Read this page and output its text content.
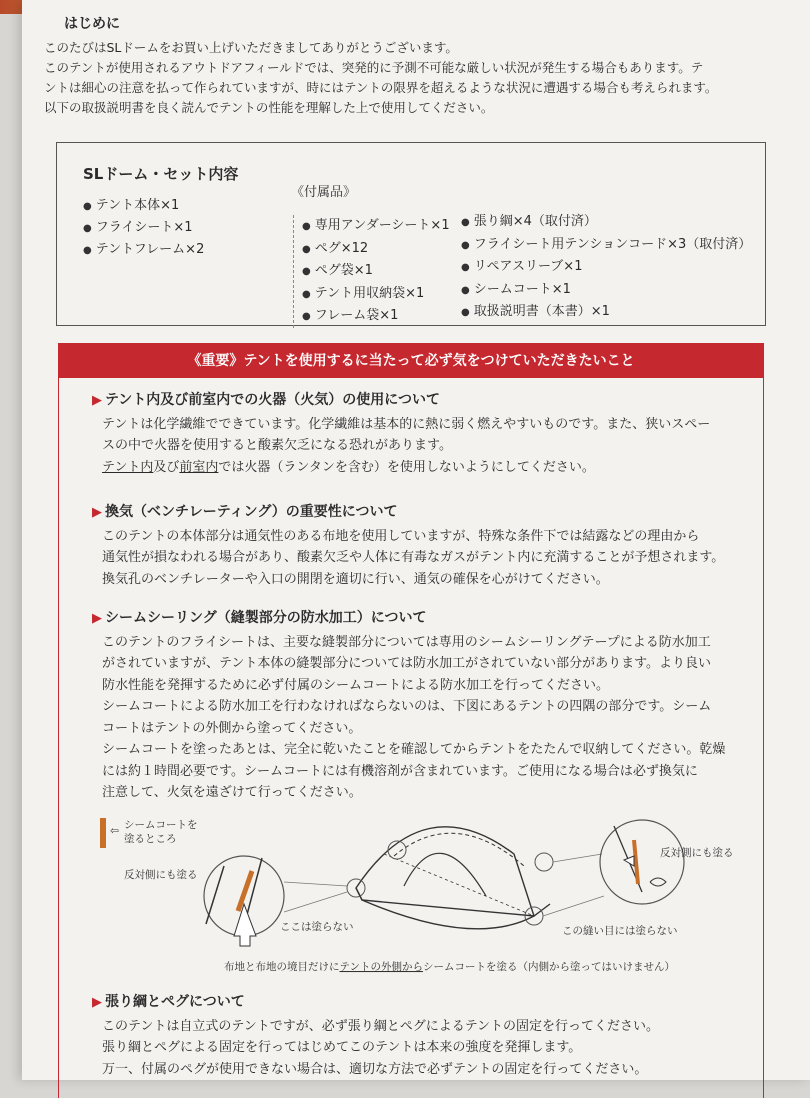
はじめに

このたびはSLドームをお買い上げいただきましてありがとうございます。

このテントが使用されるアウトドアフィールドでは、突発的に予測不可能な厳しい状況が発生する場合もあります。テ

ントは細心の注意を払って作られていますが、時にはテントの限界を超えるような状況に遭遇する場合も考えられます。

以下の取扱説明書を良く読んでテントの性能を理解した上で使用してください。

SLドーム・セット内容
● テント本体×1
● フライシート×1
● テントフレーム×2
《付属品》
● 専用アンダーシート×1
● ペグ×12
● ペグ袋×1
● テント用収納袋×1
● フレーム袋×1
● 張り綱×4（取付済）
● フライシート用テンションコード×3（取付済）
● リペアスリーブ×1
● シームコート×1
● 取扱説明書（本書）×1
《重要》テントを使用するに当たって必ず気をつけていただきたいこと
▶ テント内及び前室内での火器（火気）の使用について

テントは化学繊維でできています。化学繊維は基本的に熱に弱く燃えやすいものです。また、狭いスペー

スの中で火器を使用すると酸素欠乏になる恐れがあります。

テント内及び前室内では火器（ランタンを含む）を使用しないようにしてください。

▶ 換気（ベンチレーティング）の重要性について

このテントの本体部分は通気性のある布地を使用していますが、特殊な条件下では結露などの理由から

通気性が損なわれる場合があり、酸素欠乏や人体に有毒なガスがテント内に充満することが予想されます。

換気孔のベンチレーターや入口の開閉を適切に行い、通気の確保を心がけてください。

▶ シームシーリング（縫製部分の防水加工）について

このテントのフライシートは、主要な縫製部分については専用のシームシーリングテープによる防水加工

がされていますが、テント本体の縫製部分については防水加工がされていない部分があります。より良い

防水性能を発揮するために必ず付属のシームコートによる防水加工を行ってください。

シームコートによる防水加工を行わなければならないのは、下図にあるテントの四隅の部分です。シーム

コートはテントの外側から塗ってください。

シームコートを塗ったあとは、完全に乾いたことを確認してからテントをたたんで収納してください。乾燥

には約１時間必要です。シームコートには有機溶剤が含まれています。ご使用になる場合は必ず換気に

注意して、火気を遠ざけて行ってください。

⇦ シームコートを
塗るところ
反対側にも塗る
ここは塗らない
反対側にも塗る
この縫い目には塗らない
布地と布地の境目だけにテントの外側からシームコートを塗る（内側から塗ってはいけません）
▶ 張り綱とペグについて

このテントは自立式のテントですが、必ず張り綱とペグによるテントの固定を行ってください。

張り綱とペグによる固定を行ってはじめてこのテントは本来の強度を発揮します。

万一、付属のペグが使用できない場合は、適切な方法で必ずテントの固定を行ってください。
